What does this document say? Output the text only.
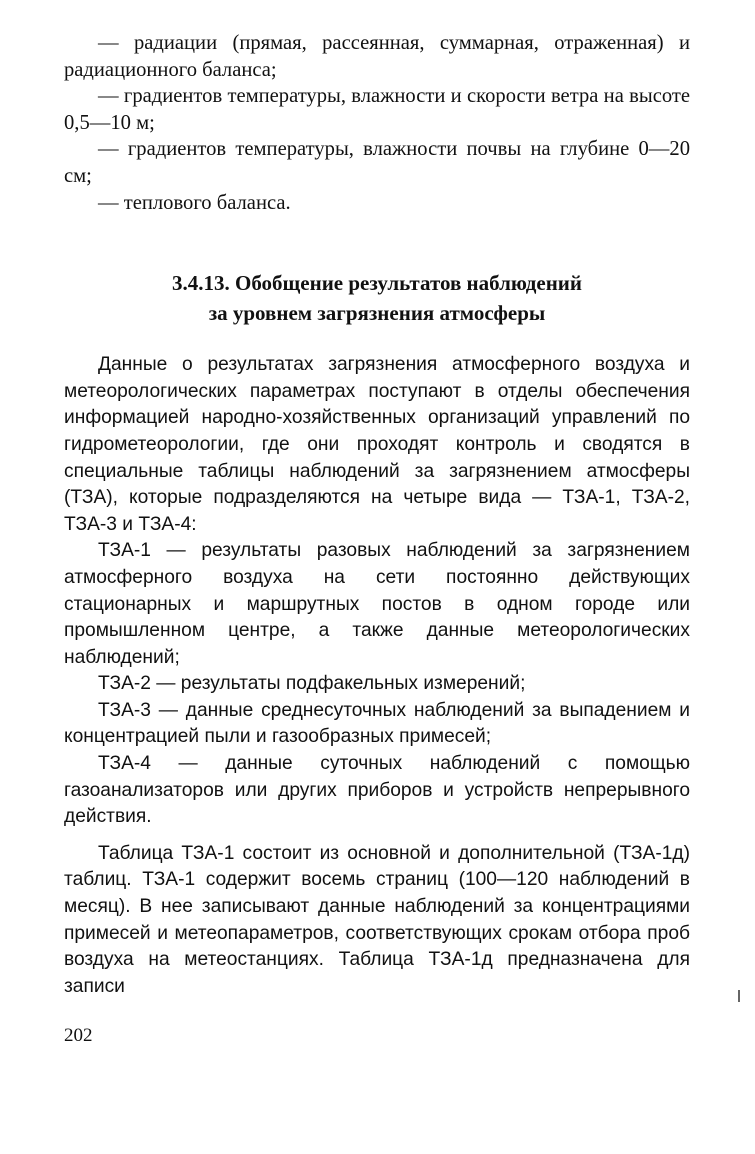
— радиации (прямая, рассеянная, суммарная, отраженная) и радиационного баланса;

— градиентов температуры, влажности и скорости ветра на высоте 0,5—10 м;

— градиентов температуры, влажности почвы на глубине 0—20 см;

— теплового баланса.

3.4.13. Обобщение результатов наблюдений
за уровнем загрязнения атмосферы

Данные о результатах загрязнения атмосферного воздуха и метеорологических параметрах поступают в отделы обеспечения информацией народно-хозяйственных организаций управлений по гидрометеорологии, где они проходят контроль и сводятся в специальные таблицы наблюдений за загрязнением атмосферы (ТЗА), которые подразделяются на четыре вида — ТЗА-1, ТЗА-2, ТЗА-3 и ТЗА-4:

ТЗА-1 — результаты разовых наблюдений за загрязнением атмосферного воздуха на сети постоянно действующих стационарных и маршрутных постов в одном городе или промышленном центре, а также данные метеорологических наблюдений;

ТЗА-2 — результаты подфакельных измерений;

ТЗА-3 — данные среднесуточных наблюдений за выпадением и концентрацией пыли и газообразных примесей;

ТЗА-4 — данные суточных наблюдений с помощью газоанализаторов или других приборов и устройств непрерывного действия.

Таблица ТЗА-1 состоит из основной и дополнительной (ТЗА-1д) таблиц. ТЗА-1 содержит восемь страниц (100—120 наблюдений в месяц). В нее записывают данные наблюдений за концентрациями примесей и метеопараметров, соответствующих срокам отбора проб воздуха на метеостанциях. Таблица ТЗА-1д предназначена для записи

202
